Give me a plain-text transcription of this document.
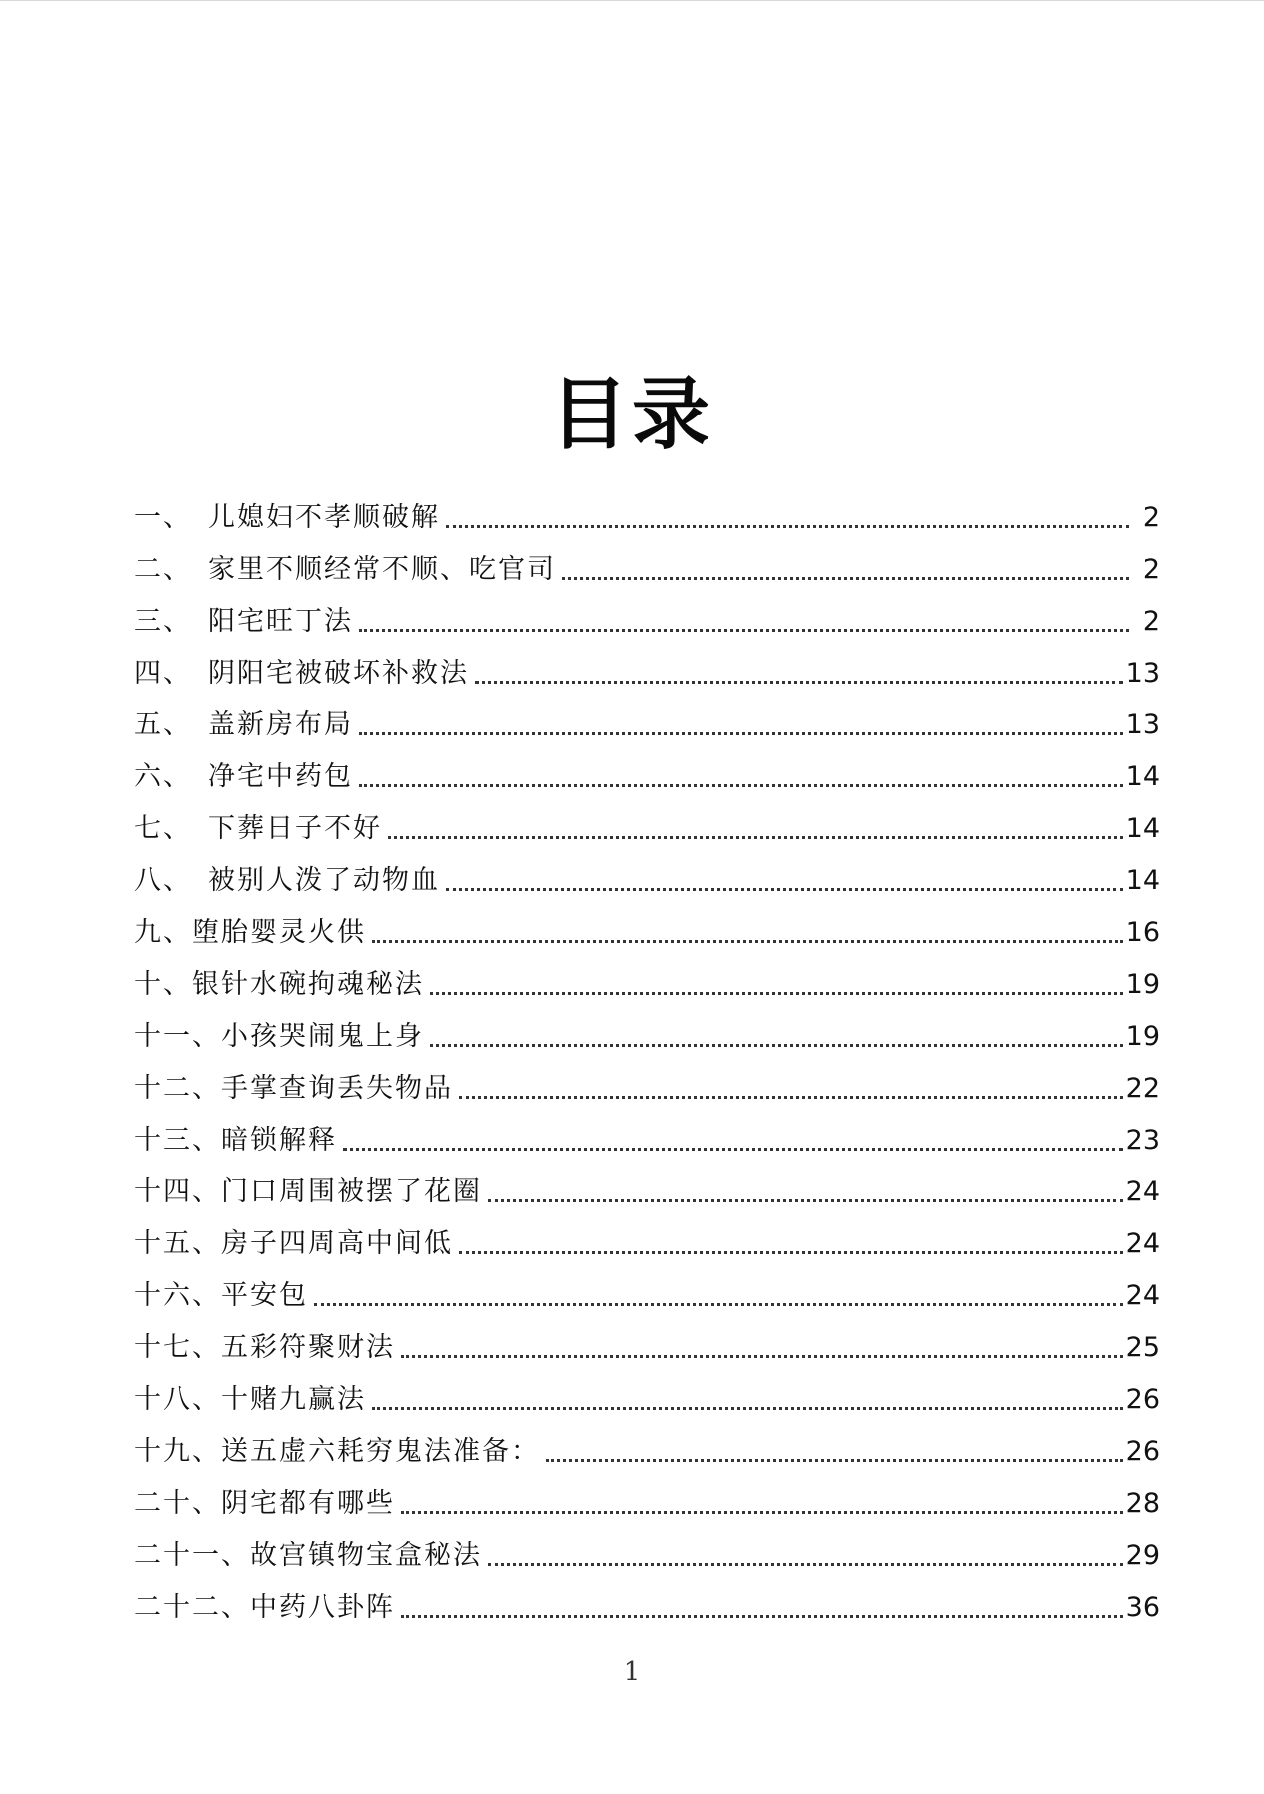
目录
一、 儿媳妇不孝顺破解	2
二、 家里不顺经常不顺、吃官司	2
三、 阳宅旺丁法	2
四、 阴阳宅被破坏补救法	13
五、 盖新房布局	13
六、 净宅中药包	14
七、 下葬日子不好	14
八、 被别人泼了动物血	14
九、 堕胎婴灵火供	16
十、 银针水碗拘魂秘法	19
十一、 小孩哭闹鬼上身	19
十二、 手掌查询丢失物品	22
十三、 暗锁解释	23
十四、 门口周围被摆了花圈	24
十五、 房子四周高中间低	24
十六、 平安包	24
十七、 五彩符聚财法	25
十八、 十赌九赢法	26
十九、 送五虚六耗穷鬼法准备：	26
二十、 阴宅都有哪些	28
二十一、 故宫镇物宝盒秘法	29
二十二、 中药八卦阵	36
1
